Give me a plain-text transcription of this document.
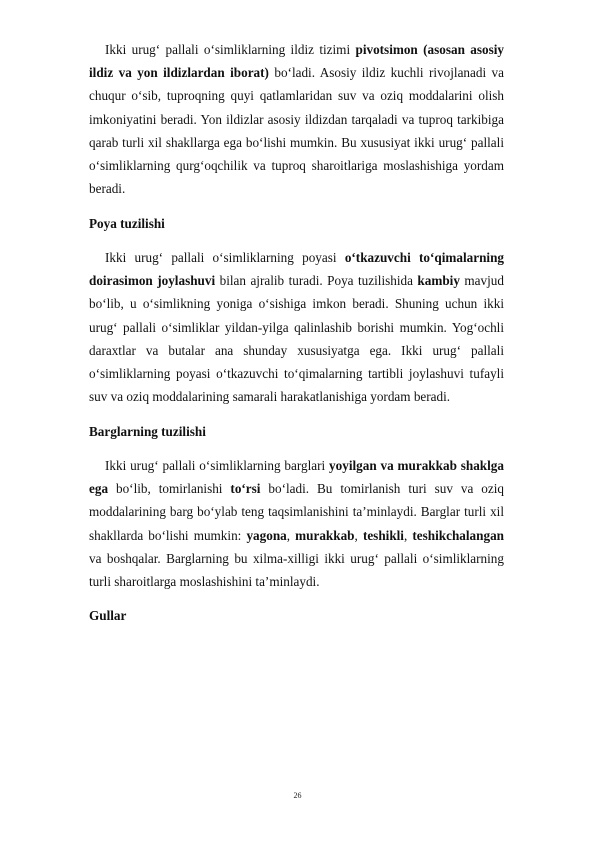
Ikki urug‘ pallali o‘simliklarning ildiz tizimi pivotsimon (asosan asosiy ildiz va yon ildizlardan iborat) bo‘ladi. Asosiy ildiz kuchli rivojlanadi va chuqur o‘sib, tuproqning quyi qatlamlaridan suv va oziq moddalarini olish imkoniyatini beradi. Yon ildizlar asosiy ildizdan tarqaladi va tuproq tarkibiga qarab turli xil shakllarga ega bo‘lishi mumkin. Bu xususiyat ikki urug‘ pallali o‘simliklarning qurg‘oqchilik va tuproq sharoitlariga moslashishiga yordam beradi.

Poya tuzilishi

Ikki urug‘ pallali o‘simliklarning poyasi o‘tkazuvchi to‘qimalarning doirasimon joylashuvi bilan ajralib turadi. Poya tuzilishida kambiy mavjud bo‘lib, u o‘simlikning yoniga o‘sishiga imkon beradi. Shuning uchun ikki urug‘ pallali o‘simliklar yildan-yilga qalinlashib borishi mumkin. Yog‘ochli daraxtlar va butalar ana shunday xususiyatga ega. Ikki urug‘ pallali o‘simliklarning poyasi o‘tkazuvchi to‘qimalarning tartibli joylashuvi tufayli suv va oziq moddalarining samarali harakatlanishiga yordam beradi.

Barglarning tuzilishi

Ikki urug‘ pallali o‘simliklarning barglari yoyilgan va murakkab shaklga ega bo‘lib, tomirlanishi to‘rsi bo‘ladi. Bu tomirlanish turi suv va oziq moddalarining barg bo‘ylab teng taqsimlanishini ta’minlaydi. Barglar turli xil shakllarda bo‘lishi mumkin: yagona, murakkab, teshikli, teshikchalangan va boshqalar. Barglarning bu xilma-xilligi ikki urug‘ pallali o‘simliklarning turli sharoitlarga moslashishini ta’minlaydi.

Gullar

26
